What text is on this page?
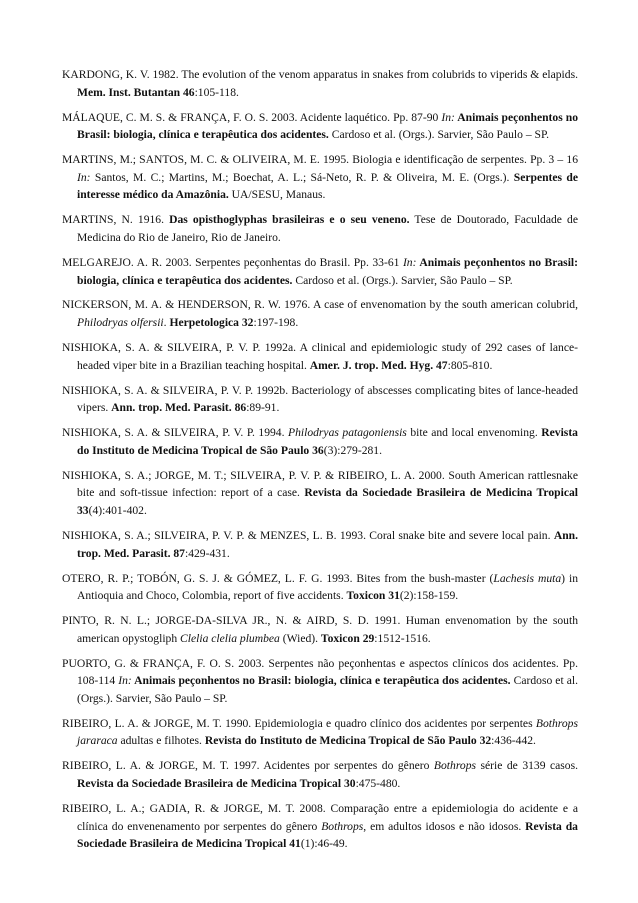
KARDONG, K. V. 1982. The evolution of the venom apparatus in snakes from colubrids to viperids & elapids. Mem. Inst. Butantan 46:105-118.

MÁLAQUE, C. M. S. & FRANÇA, F. O. S. 2003. Acidente laquético. Pp. 87-90 In: Animais peçonhentos no Brasil: biologia, clínica e terapêutica dos acidentes. Cardoso et al. (Orgs.). Sarvier, São Paulo – SP.

MARTINS, M.; SANTOS, M. C. & OLIVEIRA, M. E. 1995. Biologia e identificação de serpentes. Pp. 3 – 16 In: Santos, M. C.; Martins, M.; Boechat, A. L.; Sá-Neto, R. P. & Oliveira, M. E. (Orgs.). Serpentes de interesse médico da Amazônia. UA/SESU, Manaus.

MARTINS, N. 1916. Das opisthoglyphas brasileiras e o seu veneno. Tese de Doutorado, Faculdade de Medicina do Rio de Janeiro, Rio de Janeiro.

MELGAREJO. A. R. 2003. Serpentes peçonhentas do Brasil. Pp. 33-61 In: Animais peçonhentos no Brasil: biologia, clínica e terapêutica dos acidentes. Cardoso et al. (Orgs.). Sarvier, São Paulo – SP.

NICKERSON, M. A. & HENDERSON, R. W. 1976. A case of envenomation by the south american colubrid, Philodryas olfersii. Herpetologica 32:197-198.

NISHIOKA, S. A. & SILVEIRA, P. V. P. 1992a. A clinical and epidemiologic study of 292 cases of lance-headed viper bite in a Brazilian teaching hospital. Amer. J. trop. Med. Hyg. 47:805-810.

NISHIOKA, S. A. & SILVEIRA, P. V. P. 1992b. Bacteriology of abscesses complicating bites of lance-headed vipers. Ann. trop. Med. Parasit. 86:89-91.

NISHIOKA, S. A. & SILVEIRA, P. V. P. 1994. Philodryas patagoniensis bite and local envenoming. Revista do Instituto de Medicina Tropical de São Paulo 36(3):279-281.

NISHIOKA, S. A.; JORGE, M. T.; SILVEIRA, P. V. P. & RIBEIRO, L. A. 2000. South American rattlesnake bite and soft-tissue infection: report of a case. Revista da Sociedade Brasileira de Medicina Tropical 33(4):401-402.

NISHIOKA, S. A.; SILVEIRA, P. V. P. & MENZES, L. B. 1993. Coral snake bite and severe local pain. Ann. trop. Med. Parasit. 87:429-431.

OTERO, R. P.; TOBÓN, G. S. J. & GÓMEZ, L. F. G. 1993. Bites from the bush-master (Lachesis muta) in Antioquia and Choco, Colombia, report of five accidents. Toxicon 31(2):158-159.

PINTO, R. N. L.; JORGE-DA-SILVA JR., N. & AIRD, S. D. 1991. Human envenomation by the south american opystogliph Clelia clelia plumbea (Wied). Toxicon 29:1512-1516.

PUORTO, G. & FRANÇA, F. O. S. 2003. Serpentes não peçonhentas e aspectos clínicos dos acidentes. Pp. 108-114 In: Animais peçonhentos no Brasil: biologia, clínica e terapêutica dos acidentes. Cardoso et al. (Orgs.). Sarvier, São Paulo – SP.

RIBEIRO, L. A. & JORGE, M. T. 1990. Epidemiologia e quadro clínico dos acidentes por serpentes Bothrops jararaca adultas e filhotes. Revista do Instituto de Medicina Tropical de São Paulo 32:436-442.

RIBEIRO, L. A. & JORGE, M. T. 1997. Acidentes por serpentes do gênero Bothrops série de 3139 casos. Revista da Sociedade Brasileira de Medicina Tropical 30:475-480.

RIBEIRO, L. A.; GADIA, R. & JORGE, M. T. 2008. Comparação entre a epidemiologia do acidente e a clínica do envenenamento por serpentes do gênero Bothrops, em adultos idosos e não idosos. Revista da Sociedade Brasileira de Medicina Tropical 41(1):46-49.
